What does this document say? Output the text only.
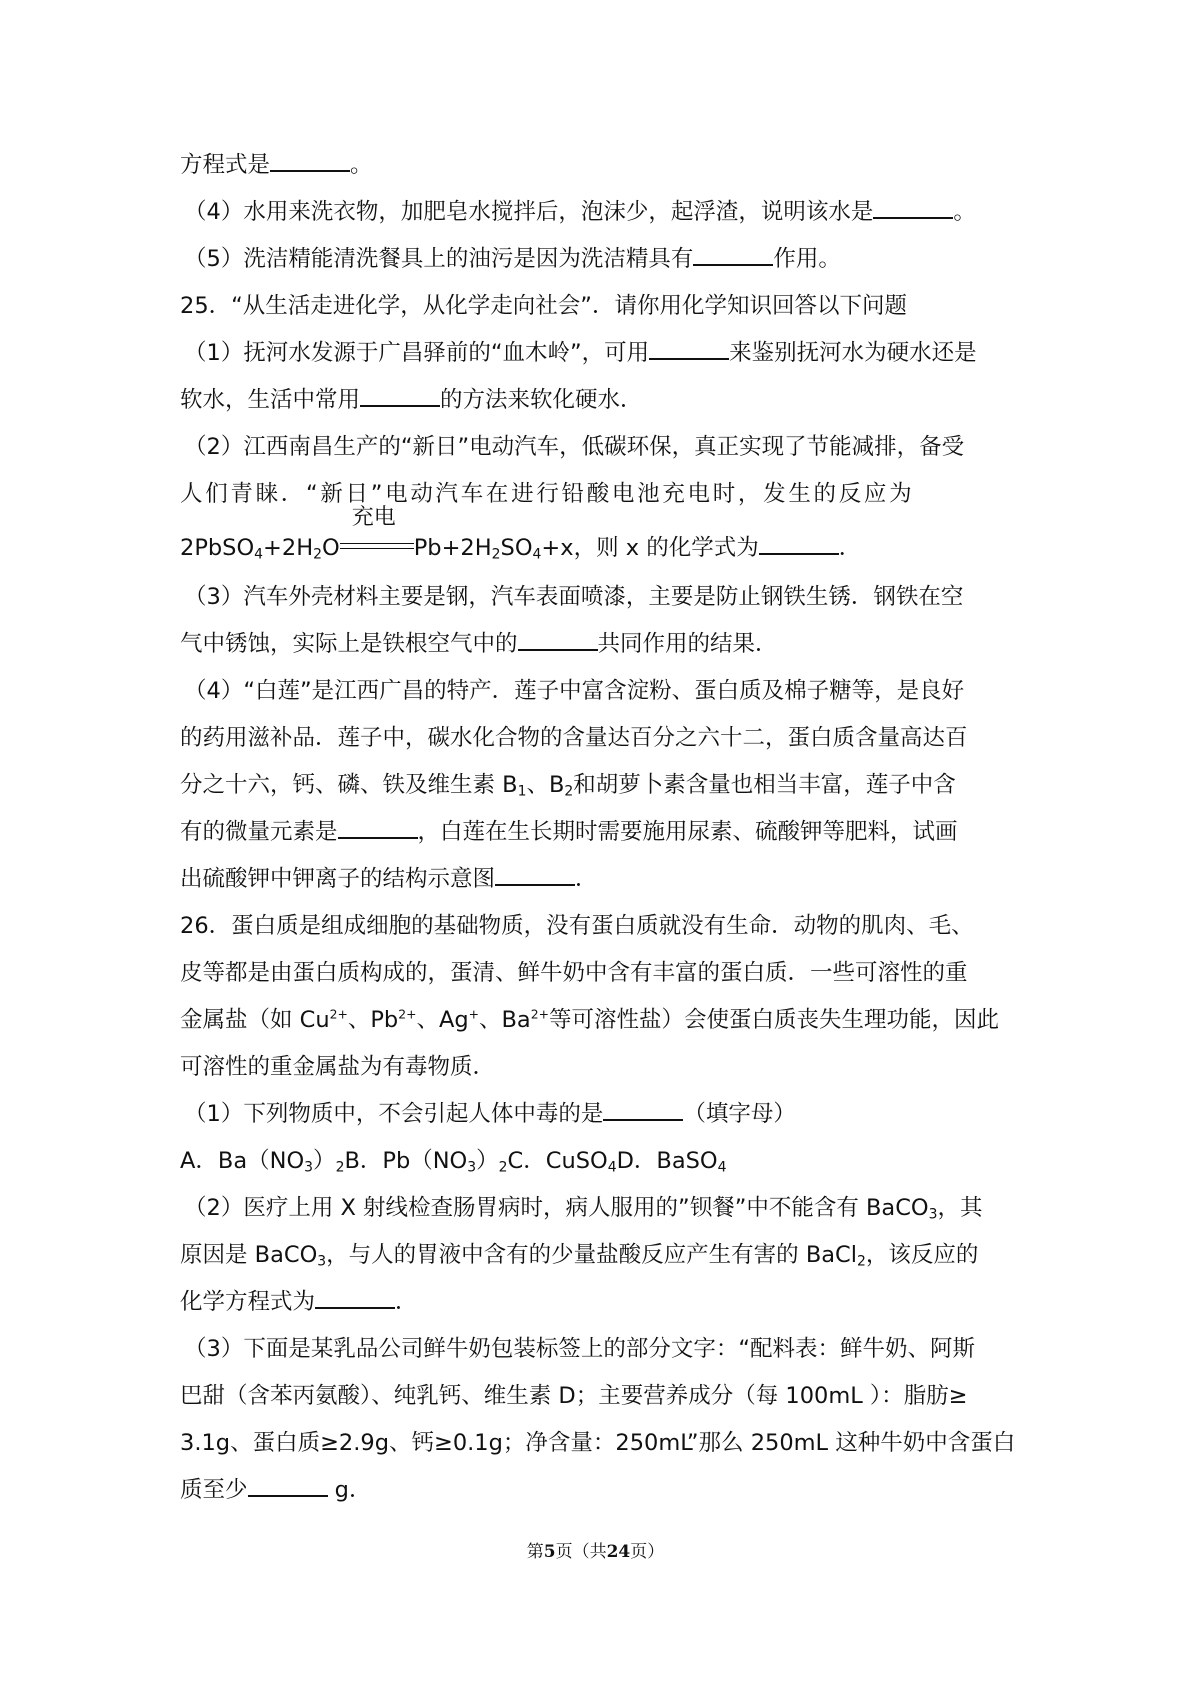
方程式是	。
（4）水用来洗衣物，加肥皂水搅拌后，泡沫少，起浮渣，说明该水是	。
（5）洗洁精能清洗餐具上的油污是因为洗洁精具有	作用。
25．“从生活走进化学，从化学走向社会”．请你用化学知识回答以下问题
（1）抚河水发源于广昌驿前的“血木岭”，可用	来鉴别抚河水为硬水还是
软水，生活中常用	的方法来软化硬水．
（2）江西南昌生产的“新日”电动汽车，低碳环保，真正实现了节能减排，备受
人们青睐．“新日”电动汽车在进行铅酸电池充电时，发生的反应为
$2PbSO_4+2H_2O$
充电
$Pb+2H_2SO_4+x$，则 x 的化学式为	．
（3）汽车外壳材料主要是钢，汽车表面喷漆，主要是防止钢铁生锈．钢铁在空
气中锈蚀，实际上是铁根空气中的	共同作用的结果．
（4）“白莲”是江西广昌的特产．莲子中富含淀粉、蛋白质及棉子糖等，是良好
的药用滋补品．莲子中，碳水化合物的含量达百分之六十二，蛋白质含量高达百
分之十六，钙、磷、铁及维生素 $B_1$、$B_2$和胡萝卜素含量也相当丰富，莲子中含
有的微量元素是	，白莲在生长期时需要施用尿素、硫酸钾等肥料，试画
出硫酸钾中钾离子的结构示意图	．
26．蛋白质是组成细胞的基础物质，没有蛋白质就没有生命．动物的肌肉、毛、
皮等都是由蛋白质构成的，蛋清、鲜牛奶中含有丰富的蛋白质．一些可溶性的重
金属盐（如 $Cu^{2+}$、$Pb^{2+}$、Ag+、$Ba^{2+}$等可溶性盐）会使蛋白质丧失生理功能，因此
可溶性的重金属盐为有毒物质．
（1）下列物质中，不会引起人体中毒的是	（填字母）
A．$Ba(NO_3)_2B$．$Pb(NO_3)_2C$．CuSO$_4$D．BaSO$_4$
（2）医疗上用 X 射线检查肠胃病时，病人服用的”钡餐”中不能含有 BaCO$_3$，其
原因是 BaCO$_3$，与人的胃液中含有的少量盐酸反应产生有害的 BaCl$_2$，该反应的
化学方程式为	．
（3）下面是某乳品公司鲜牛奶包装标签上的部分文字：“配料表：鲜牛奶、阿斯
巴甜（含苯丙氨酸）、纯乳钙、维生素 D；主要营养成分（每 100mL ）：脂肪≥
3.1g、蛋白质≥2.9g、钙≥0.1g；净含量：250mL”那么 250mL 这种牛奶中含蛋白
质至少	g．
第5页（共24页）
